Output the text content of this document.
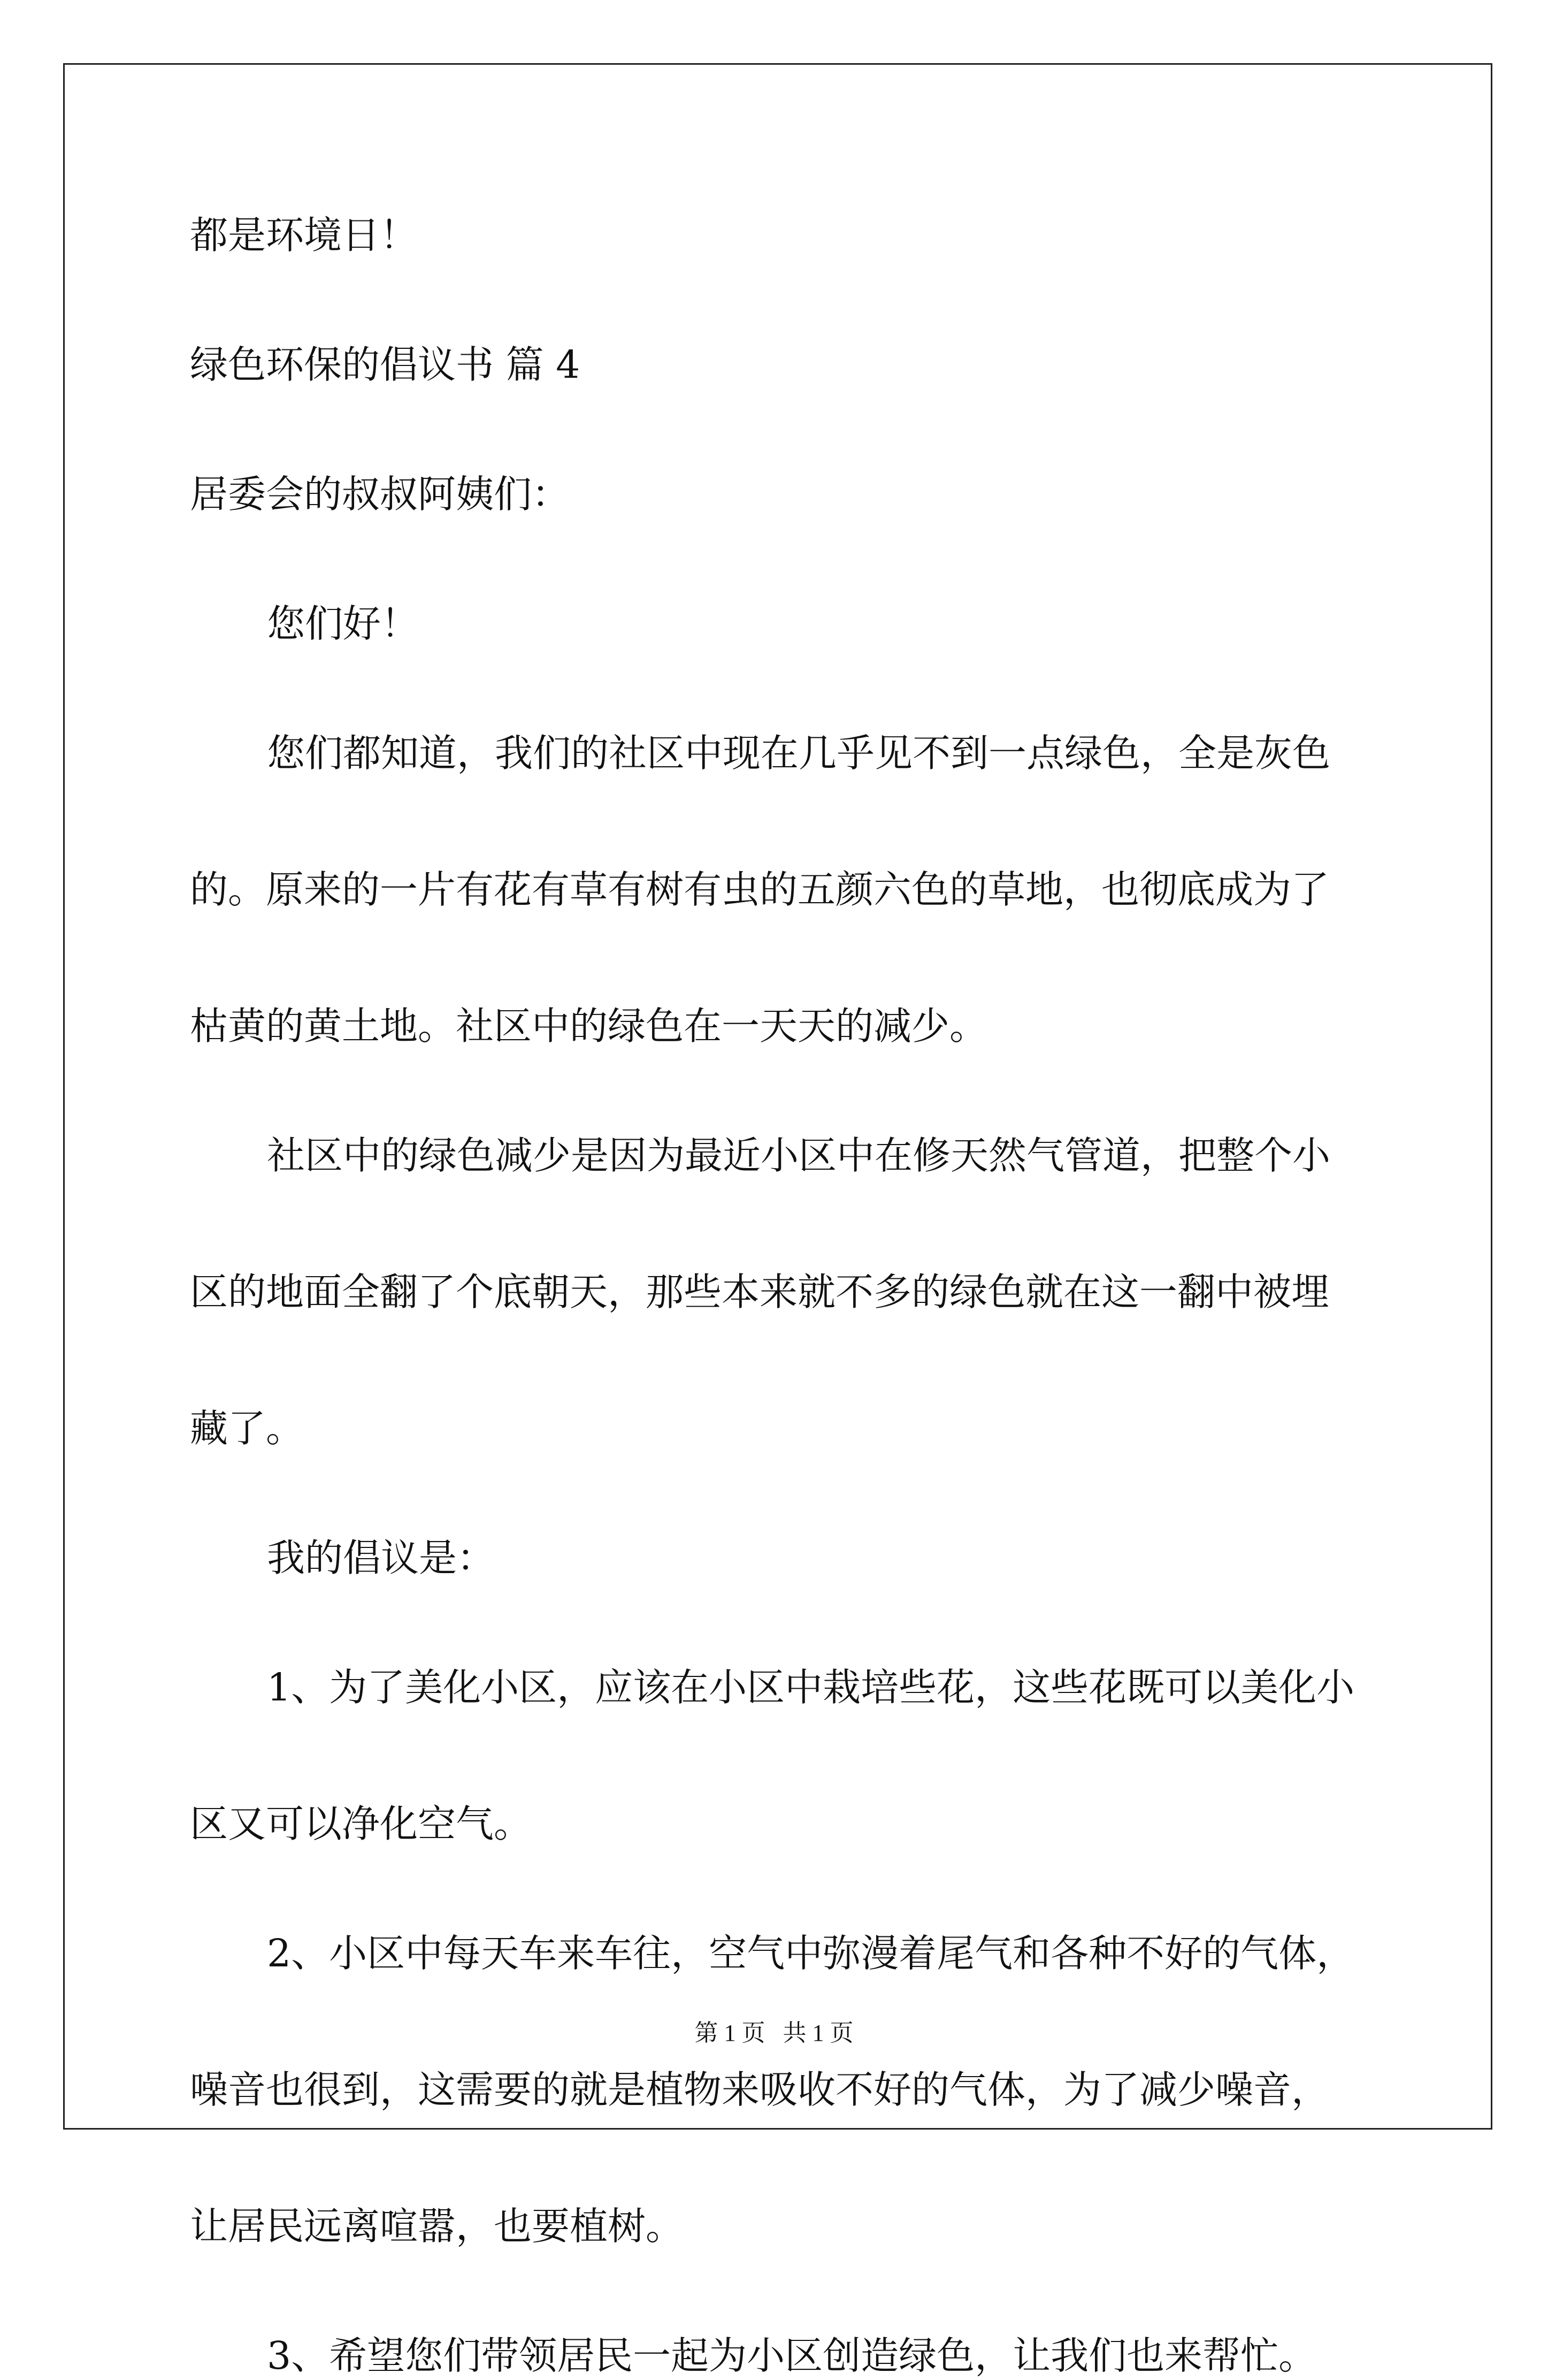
都是环境日！

绿色环保的倡议书 篇 4

居委会的叔叔阿姨们：

您们好！

您们都知道，我们的社区中现在几乎见不到一点绿色，全是灰色

的。原来的一片有花有草有树有虫的五颜六色的草地，也彻底成为了

枯黄的黄土地。社区中的绿色在一天天的减少。

社区中的绿色减少是因为最近小区中在修天然气管道，把整个小

区的地面全翻了个底朝天，那些本来就不多的绿色就在这一翻中被埋

藏了。

我的倡议是：

1、为了美化小区，应该在小区中栽培些花，这些花既可以美化小

区又可以净化空气。

2、小区中每天车来车往，空气中弥漫着尾气和各种不好的气体，

噪音也很到，这需要的就是植物来吸收不好的气体，为了减少噪音，

让居民远离喧嚣，也要植树。

3、希望您们带领居民一起为小区创造绿色，让我们也来帮忙。

第 1 页   共 1 页
